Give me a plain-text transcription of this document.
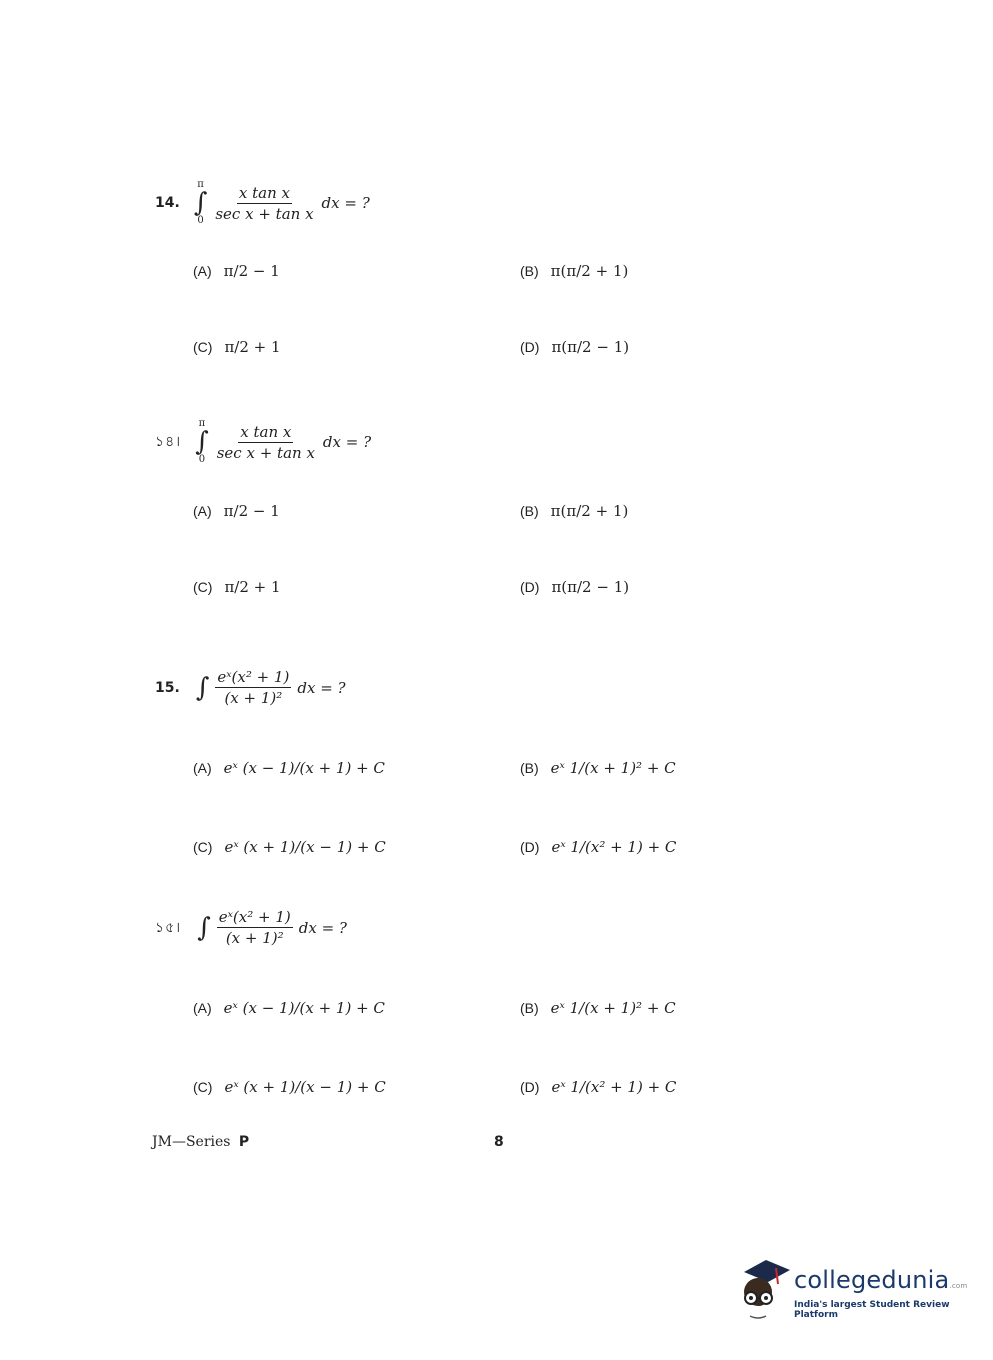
14.
π
∫
$0 \frac{\text{x tan x}}{\text{sec x + tan x}}$ dx = ?
(A) π/2 − 1	(B) π(π/2 + 1)
(C) π/2 + 1	(D) π(π/2 − 1)
১৪।
π
∫
$0 \frac{\text{x tan x}}{\text{sec x + tan x}}$ dx = ?
(A) π/2 − 1	(B) π(π/2 + 1)
(C) π/2 + 1	(D) π(π/2 − 1)
15. ∫ $\frac{\text{eˣ(x² + 1)}}{\text{(x + 1)²}}$ dx = ?
(A) eˣ (x − 1)/(x + 1) + C	(B) eˣ 1/(x + 1)² + C
(C) eˣ (x + 1)/(x − 1) + C	(D) eˣ 1/(x² + 1) + C
১৫। ∫ $\frac{\text{eˣ(x² + 1)}}{\text{(x + 1)²}}$ dx = ?
(A) eˣ (x − 1)/(x + 1) + C	(B) eˣ 1/(x + 1)² + C
(C) eˣ (x + 1)/(x − 1) + C	(D) eˣ 1/(x² + 1) + C
JM—Series P	8
collegedunia.com
India's largest Student Review Platform
